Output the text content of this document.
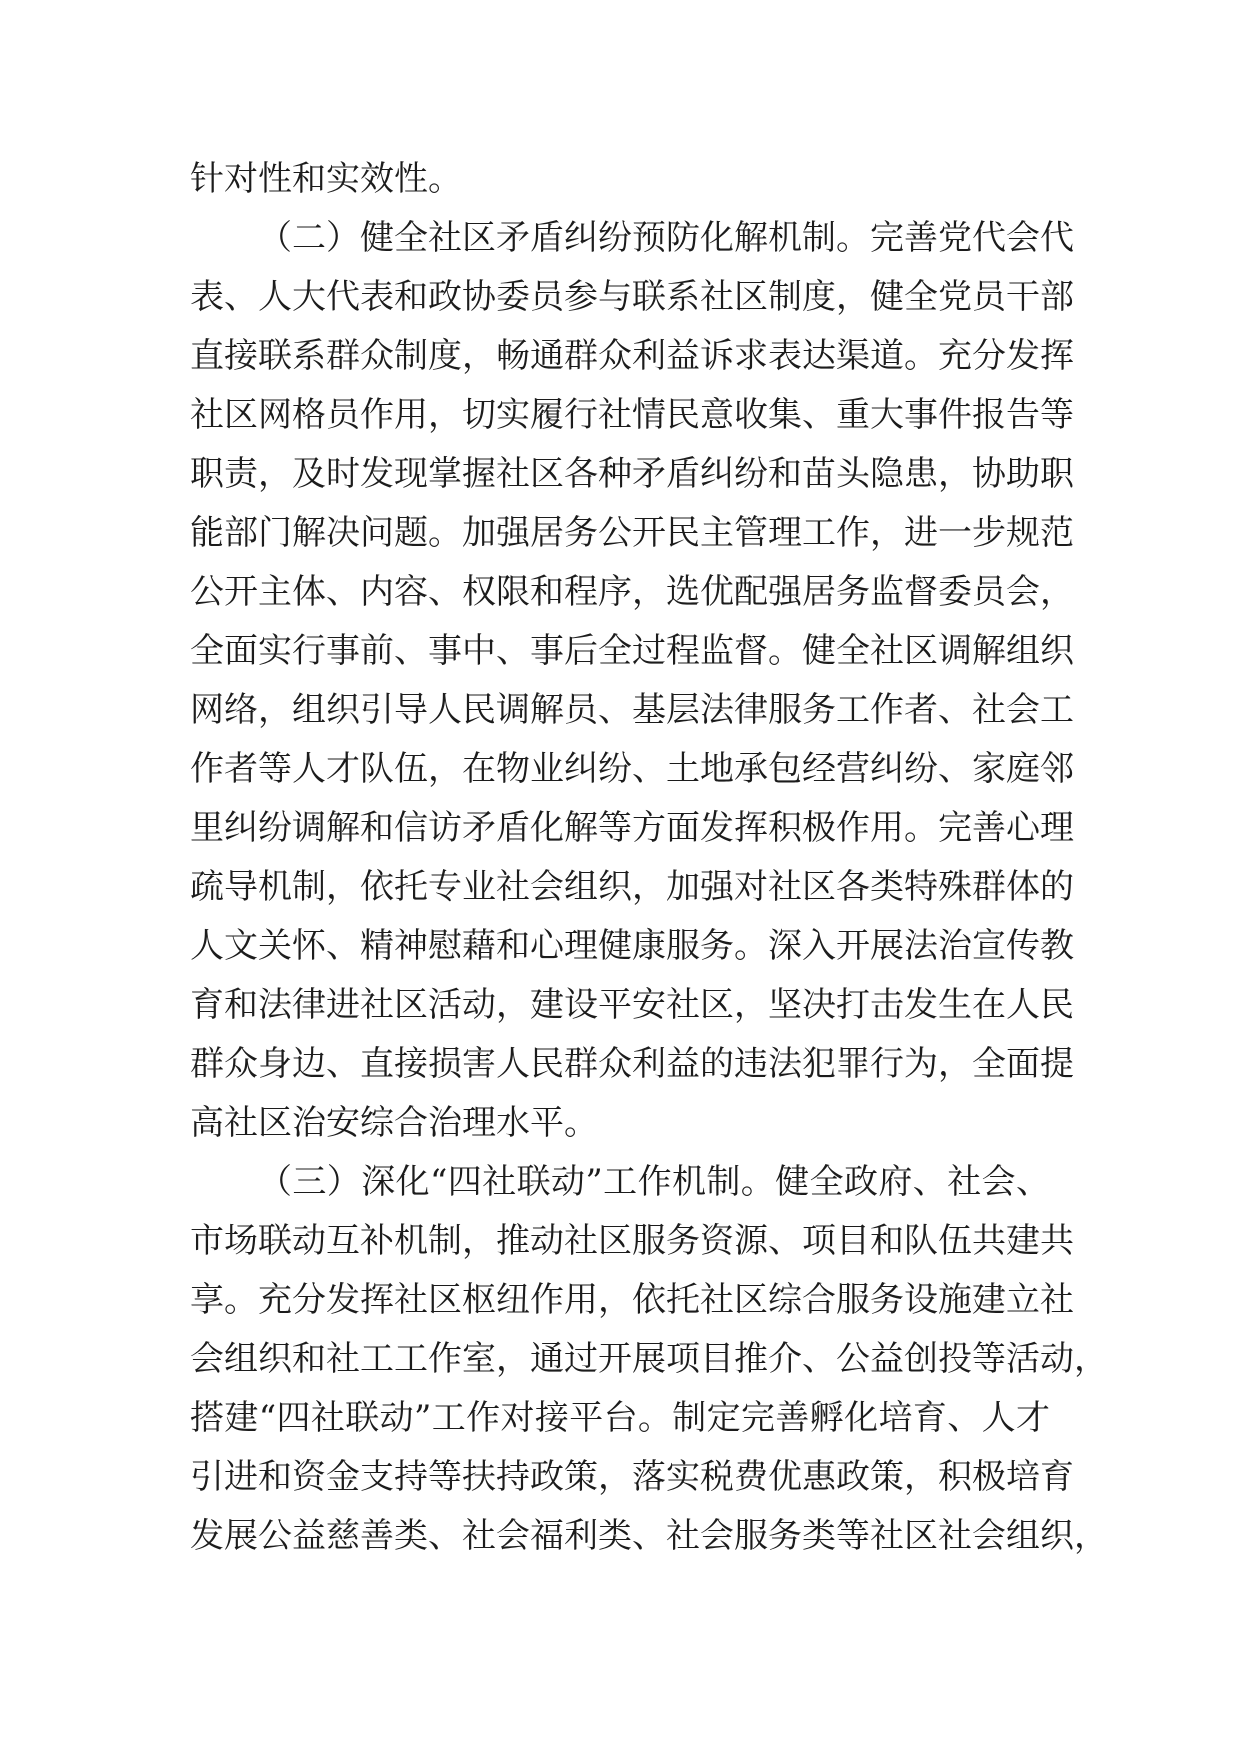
针对性和实效性。
（二）健全社区矛盾纠纷预防化解机制。完善党代会代
表、人大代表和政协委员参与联系社区制度，健全党员干部
直接联系群众制度，畅通群众利益诉求表达渠道。充分发挥
社区网格员作用，切实履行社情民意收集、重大事件报告等
职责，及时发现掌握社区各种矛盾纠纷和苗头隐患，协助职
能部门解决问题。加强居务公开民主管理工作，进一步规范
公开主体、内容、权限和程序，选优配强居务监督委员会，
全面实行事前、事中、事后全过程监督。健全社区调解组织
网络，组织引导人民调解员、基层法律服务工作者、社会工
作者等人才队伍，在物业纠纷、土地承包经营纠纷、家庭邻
里纠纷调解和信访矛盾化解等方面发挥积极作用。完善心理
疏导机制，依托专业社会组织，加强对社区各类特殊群体的
人文关怀、精神慰藉和心理健康服务。深入开展法治宣传教
育和法律进社区活动，建设平安社区，坚决打击发生在人民
群众身边、直接损害人民群众利益的违法犯罪行为，全面提
高社区治安综合治理水平。
（三）深化“四社联动”工作机制。健全政府、社会、
市场联动互补机制，推动社区服务资源、项目和队伍共建共
享。充分发挥社区枢纽作用，依托社区综合服务设施建立社
会组织和社工工作室，通过开展项目推介、公益创投等活动，
搭建“四社联动”工作对接平台。制定完善孵化培育、人才
引进和资金支持等扶持政策，落实税费优惠政策，积极培育
发展公益慈善类、社会福利类、社会服务类等社区社会组织，
